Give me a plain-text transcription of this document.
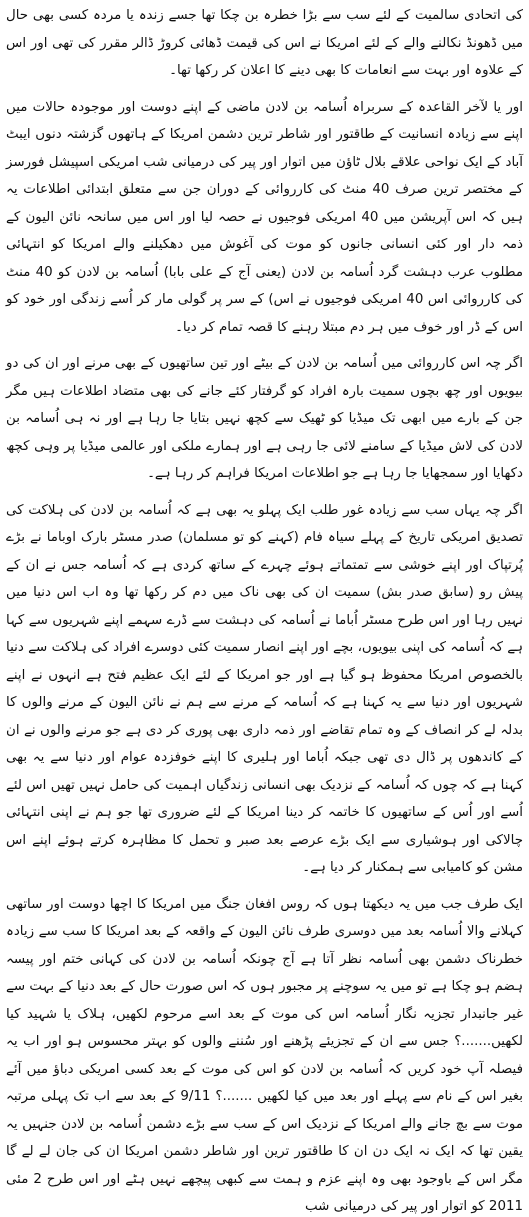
کی اتحادی سالمیت کے لئے سب سے بڑا خطرہ بن چکا تھا جسے زندہ یا مردہ کسی بھی حال میں ڈھونڈ نکالنے والے کے لئے امریکا نے اس کی قیمت ڈھائی کروڑ ڈالر مقرر کی تھی اور اس کے علاوہ اور بہت سے انعامات کا بھی دینے کا اعلان کر رکھا تھا۔

اور یا لآخر القاعدہ کے سربراہ اُسامہ بن لادن ماضی کے اپنے دوست اور موجودہ حالات میں اپنے سے زیادہ انسانیت کے طاقتور اور شاطر ترین دشمن امریکا کے ہاتھوں گزشتہ دنوں ایبٹ آباد کے ایک نواحی علاقے بلال ٹاؤن میں اتوار اور پیر کی درمیانی شب امریکی اسپیشل فورسز کے مختصر ترین صرف 40 منٹ کی کارروائی کے دوران جن سے متعلق ابتدائی اطلاعات یہ ہیں کہ اس آپریشن میں 40 امریکی فوجیوں نے حصہ لیا اور اس میں سانحہ نائن الیون کے ذمہ دار اور کئی انسانی جانوں کو موت کی آغوش میں دھکیلنے والے امریکا کو انتہائی مطلوب عرب دہشت گرد اُسامہ بن لادن (یعنی آج کے علی بابا) اُسامہ بن لادن کو 40 منٹ کی کارروائی اس 40 امریکی فوجیوں نے اس) کے سر پر گولی مار کر اُسے زندگی اور خود کو اس کے ڈر اور خوف میں ہر دم مبتلا رہنے کا قصہ تمام کر دیا۔

اگر چہ اس کارروائی میں اُسامہ بن لادن کے بیٹے اور تین ساتھیوں کے بھی مرنے اور ان کی دو بیویوں اور چھ بچوں سمیت بارہ افراد کو گرفتار کئے جانے کی بھی متضاد اطلاعات ہیں مگر جن کے بارے میں ابھی تک میڈیا کو ٹھیک سے کچھ نہیں بتایا جا رہا ہے اور نہ ہی اُسامہ بن لادن کی لاش میڈیا کے سامنے لائی جا رہی ہے اور ہمارے ملکی اور عالمی میڈیا پر وہی کچھ دکھایا اور سمجھایا جا رہا ہے جو اطلاعات امریکا فراہم کر رہا ہے۔

اگر چہ یہاں سب سے زیادہ غور طلب ایک پہلو یہ بھی ہے کہ اُسامہ بن لادن کی ہلاکت کی تصدیق امریکی تاریخ کے پہلے سیاہ فام (کہنے کو تو مسلمان) صدر مسٹر بارک اوباما نے بڑے پُرتپاک اور اپنے خوشی سے تمتماتے ہوئے چہرے کے ساتھ کردی ہے کہ اُسامہ جس نے ان کے پیش رو (سابق صدر بش) سمیت ان کی بھی ناک میں دم کر رکھا تھا وہ اب اس دنیا میں نہیں رہا اور اس طرح مسٹر اُباما نے اُسامہ کی دہشت سے ڈرے سہمے اپنے شہریوں سے کہا ہے کہ اُسامہ کی اپنی بیویوں، بچے اور اپنے انصار سمیت کئی دوسرے افراد کی ہلاکت سے دنیا بالخصوص امریکا محفوظ ہو گیا ہے اور جو امریکا کے لئے ایک عظیم فتح ہے انہوں نے اپنے شہریوں اور دنیا سے یہ کہنا ہے کہ اُسامہ کے مرنے سے ہم نے نائن الیون کے مرنے والوں کا بدلہ لے کر انصاف کے وہ تمام تقاضے اور ذمہ داری بھی پوری کر دی ہے جو مرنے والوں نے ان کے کاندھوں پر ڈال دی تھی جبکہ اُباما اور ہلیری کا اپنے خوفزدہ عوام اور دنیا سے یہ بھی کہنا ہے کہ چوں کہ اُسامہ کے نزدیک بھی انسانی زندگیاں اہمیت کی حامل نہیں تھیں اس لئے اُسے اور اُس کے ساتھیوں کا خاتمہ کر دینا امریکا کے لئے ضروری تھا جو ہم نے اپنی انتہائی چالاکی اور ہوشیاری سے ایک بڑے عرصے بعد صبر و تحمل کا مظاہرہ کرتے ہوئے اپنے اس مشن کو کامیابی سے ہمکنار کر دیا ہے۔

ایک طرف جب میں یہ دیکھتا ہوں کہ روس افغان جنگ میں امریکا کا اچھا دوست اور ساتھی کہلانے والا اُسامہ بعد میں دوسری طرف نائن الیون کے واقعہ کے بعد امریکا کا سب سے زیادہ خطرناک دشمن بھی اُسامہ نظر آتا ہے آج چونکہ اُسامہ بن لادن کی کہانی ختم اور پیسہ ہضم ہو چکا ہے تو میں یہ سوچنے پر مجبور ہوں کہ اس صورت حال کے بعد دنیا کے بہت سے غیر جانبدار تجزیہ نگار اُسامہ اس کی موت کے بعد اسے مرحوم لکھیں، ہلاک یا شہید کیا لکھیں.......؟ جس سے ان کے تجزیئے پڑھنے اور سُننے والوں کو بہتر محسوس ہو اور اب یہ فیصلہ آپ خود کریں کہ اُسامہ بن لادن کو اس کی موت کے بعد کسی امریکی دباؤ میں آئے بغیر اس کے نام سے پہلے اور بعد میں کیا لکھیں .......؟ 9/11 کے بعد سے اب تک پہلی مرتبہ موت سے بچ جانے والے امریکا کے نزدیک اس کے سب سے بڑے دشمن اُسامہ بن لادن جنہیں یہ یقین تھا کہ ایک نہ ایک دن ان کا طاقتور ترین اور شاطر دشمن امریکا ان کی جان لے لے گا مگر اس کے باوجود بھی وہ اپنے عزم و ہمت سے کبھی پیچھے نہیں ہٹے اور اس طرح 2 مئی 2011 کو اتوار اور پیر کی درمیانی شب
